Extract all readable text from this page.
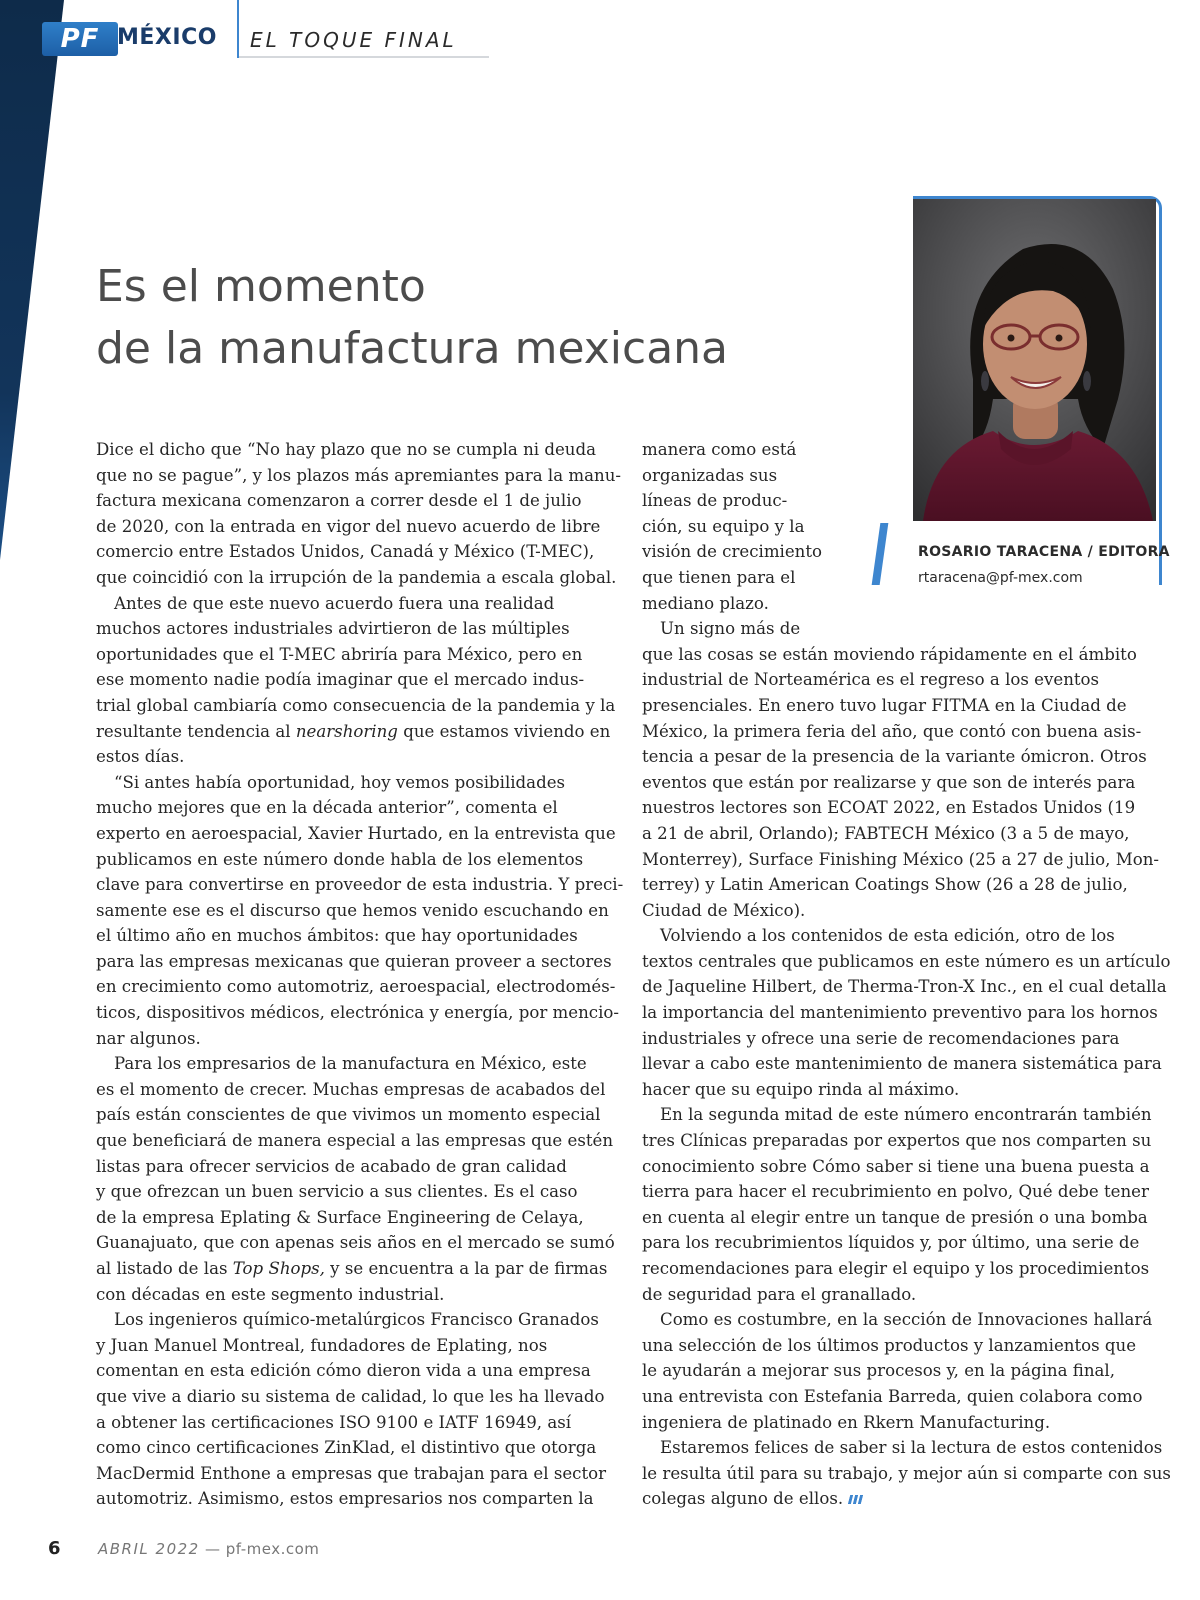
PF MÉXICO EL TOQUE FINAL
Es el momento
de la manufactura mexicana
ROSARIO TARACENA / EDITORA
rtaracena@pf-mex.com
Dice el dicho que “No hay plazo que no se cumpla ni deuda
que no se pague”, y los plazos más apremiantes para la manu-
factura mexicana comenzaron a correr desde el 1 de julio
de 2020, con la entrada en vigor del nuevo acuerdo de libre
comercio entre Estados Unidos, Canadá y México (T-MEC),
que coincidió con la irrupción de la pandemia a escala global.
Antes de que este nuevo acuerdo fuera una realidad
muchos actores industriales advirtieron de las múltiples
oportunidades que el T-MEC abriría para México, pero en
ese momento nadie podía imaginar que el mercado indus-
trial global cambiaría como consecuencia de la pandemia y la
resultante tendencia al nearshoring que estamos viviendo en
estos días.
“Si antes había oportunidad, hoy vemos posibilidades
mucho mejores que en la década anterior”, comenta el
experto en aeroespacial, Xavier Hurtado, en la entrevista que
publicamos en este número donde habla de los elementos
clave para convertirse en proveedor de esta industria. Y preci-
samente ese es el discurso que hemos venido escuchando en
el último año en muchos ámbitos: que hay oportunidades
para las empresas mexicanas que quieran proveer a sectores
en crecimiento como automotriz, aeroespacial, electrodomés-
ticos, dispositivos médicos, electrónica y energía, por mencio-
nar algunos.
Para los empresarios de la manufactura en México, este
es el momento de crecer. Muchas empresas de acabados del
país están conscientes de que vivimos un momento especial
que beneficiará de manera especial a las empresas que estén
listas para ofrecer servicios de acabado de gran calidad
y que ofrezcan un buen servicio a sus clientes. Es el caso
de la empresa Eplating & Surface Engineering de Celaya,
Guanajuato, que con apenas seis años en el mercado se sumó
al listado de las Top Shops, y se encuentra a la par de firmas
con décadas en este segmento industrial.
Los ingenieros químico-metalúrgicos Francisco Granados
y Juan Manuel Montreal, fundadores de Eplating, nos
comentan en esta edición cómo dieron vida a una empresa
que vive a diario su sistema de calidad, lo que les ha llevado
a obtener las certificaciones ISO 9100 e IATF 16949, así
como cinco certificaciones ZinKlad, el distintivo que otorga
MacDermid Enthone a empresas que trabajan para el sector
automotriz. Asimismo, estos empresarios nos comparten la
manera como está
organizadas sus
líneas de produc-
ción, su equipo y la
visión de crecimiento
que tienen para el
mediano plazo.
Un signo más de
que las cosas se están moviendo rápidamente en el ámbito
industrial de Norteamérica es el regreso a los eventos
presenciales. En enero tuvo lugar FITMA en la Ciudad de
México, la primera feria del año, que contó con buena asis-
tencia a pesar de la presencia de la variante ómicron. Otros
eventos que están por realizarse y que son de interés para
nuestros lectores son ECOAT 2022, en Estados Unidos (19
a 21 de abril, Orlando); FABTECH México (3 a 5 de mayo,
Monterrey), Surface Finishing México (25 a 27 de julio, Mon-
terrey) y Latin American Coatings Show (26 a 28 de julio,
Ciudad de México).
Volviendo a los contenidos de esta edición, otro de los
textos centrales que publicamos en este número es un artículo
de Jaqueline Hilbert, de Therma-Tron-X Inc., en el cual detalla
la importancia del mantenimiento preventivo para los hornos
industriales y ofrece una serie de recomendaciones para
llevar a cabo este mantenimiento de manera sistemática para
hacer que su equipo rinda al máximo.
En la segunda mitad de este número encontrarán también
tres Clínicas preparadas por expertos que nos comparten su
conocimiento sobre Cómo saber si tiene una buena puesta a
tierra para hacer el recubrimiento en polvo, Qué debe tener
en cuenta al elegir entre un tanque de presión o una bomba
para los recubrimientos líquidos y, por último, una serie de
recomendaciones para elegir el equipo y los procedimientos
de seguridad para el granallado.
Como es costumbre, en la sección de Innovaciones hallará
una selección de los últimos productos y lanzamientos que
le ayudarán a mejorar sus procesos y, en la página final,
una entrevista con Estefania Barreda, quien colabora como
ingeniera de platinado en Rkern Manufacturing.
Estaremos felices de saber si la lectura de estos contenidos
le resulta útil para su trabajo, y mejor aún si comparte con sus
colegas alguno de ellos.
6 ABRIL 2022 — pf-mex.com
